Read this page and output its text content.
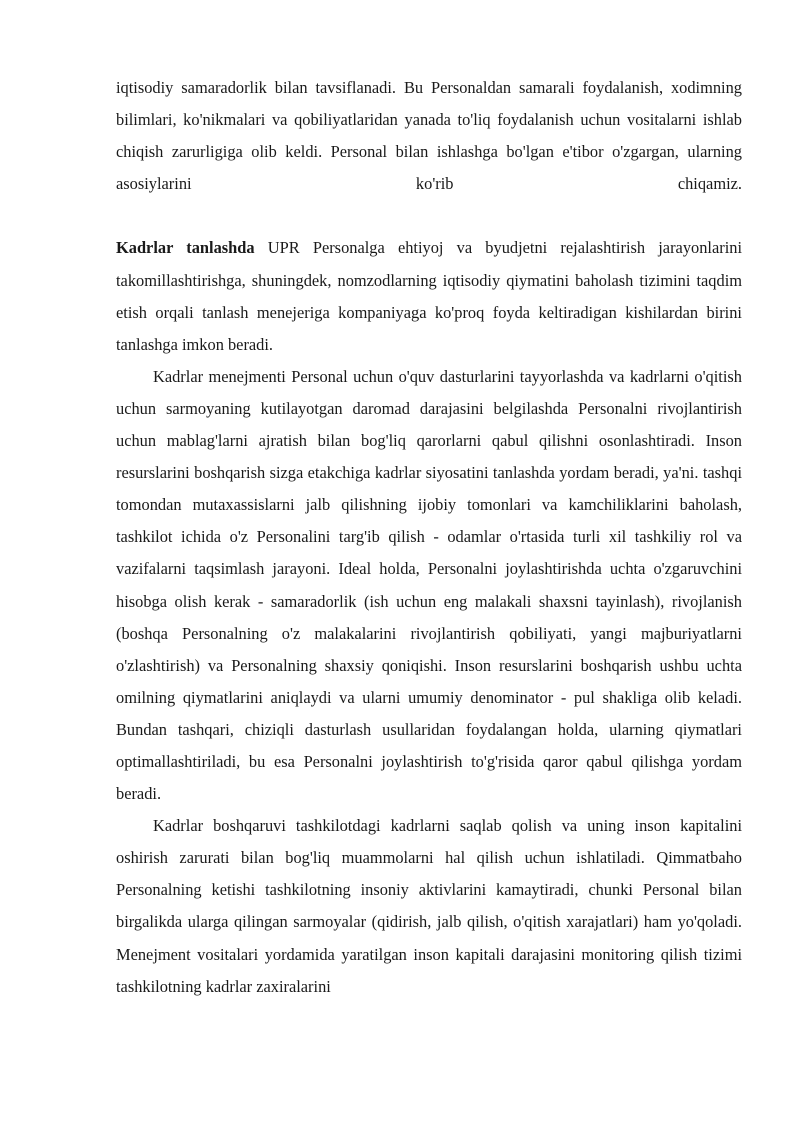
iqtisodiy samaradorlik bilan tavsiflanadi. Bu Personaldan samarali foydalanish, xodimning bilimlari, ko'nikmalari va qobiliyatlaridan yanada to'liq foydalanish uchun vositalarni ishlab chiqish zarurligiga olib keldi. Personal bilan ishlashga bo'lgan e'tibor o'zgargan, ularning asosiylarini ko'rib chiqamiz.

Kadrlar tanlashda UPR Personalga ehtiyoj va byudjetni rejalashtirish jarayonlarini takomillashtirishga, shuningdek, nomzodlarning iqtisodiy qiymatini baholash tizimini taqdim etish orqali tanlash menejeriga kompaniyaga ko'proq foyda keltiradigan kishilardan birini tanlashga imkon beradi.

Kadrlar menejmenti Personal uchun o'quv dasturlarini tayyorlashda va kadrlarni o'qitish uchun sarmoyaning kutilayotgan daromad darajasini belgilashda Personalni rivojlantirish uchun mablag'larni ajratish bilan bog'liq qarorlarni qabul qilishni osonlashtiradi. Inson resurslarini boshqarish sizga etakchiga kadrlar siyosatini tanlashda yordam beradi, ya'ni. tashqi tomondan mutaxassislarni jalb qilishning ijobiy tomonlari va kamchiliklarini baholash, tashkilot ichida o'z Personalini targ'ib qilish - odamlar o'rtasida turli xil tashkiliy rol va vazifalarni taqsimlash jarayoni. Ideal holda, Personalni joylashtirishda uchta o'zgaruvchini hisobga olish kerak - samaradorlik (ish uchun eng malakali shaxsni tayinlash), rivojlanish (boshqa Personalning o'z malakalarini rivojlantirish qobiliyati, yangi majburiyatlarni o'zlashtirish) va Personalning shaxsiy qoniqishi. Inson resurslarini boshqarish ushbu uchta omilning qiymatlarini aniqlaydi va ularni umumiy denominator - pul shakliga olib keladi. Bundan tashqari, chiziqli dasturlash usullaridan foydalangan holda, ularning qiymatlari optimallashtiriladi, bu esa Personalni joylashtirish to'g'risida qaror qabul qilishga yordam beradi.

Kadrlar boshqaruvi tashkilotdagi kadrlarni saqlab qolish va uning inson kapitalini oshirish zarurati bilan bog'liq muammolarni hal qilish uchun ishlatiladi. Qimmatbaho Personalning ketishi tashkilotning insoniy aktivlarini kamaytiradi, chunki Personal bilan birgalikda ularga qilingan sarmoyalar (qidirish, jalb qilish, o'qitish xarajatlari) ham yo'qoladi. Menejment vositalari yordamida yaratilgan inson kapitali darajasini monitoring qilish tizimi tashkilotning kadrlar zaxiralarini
